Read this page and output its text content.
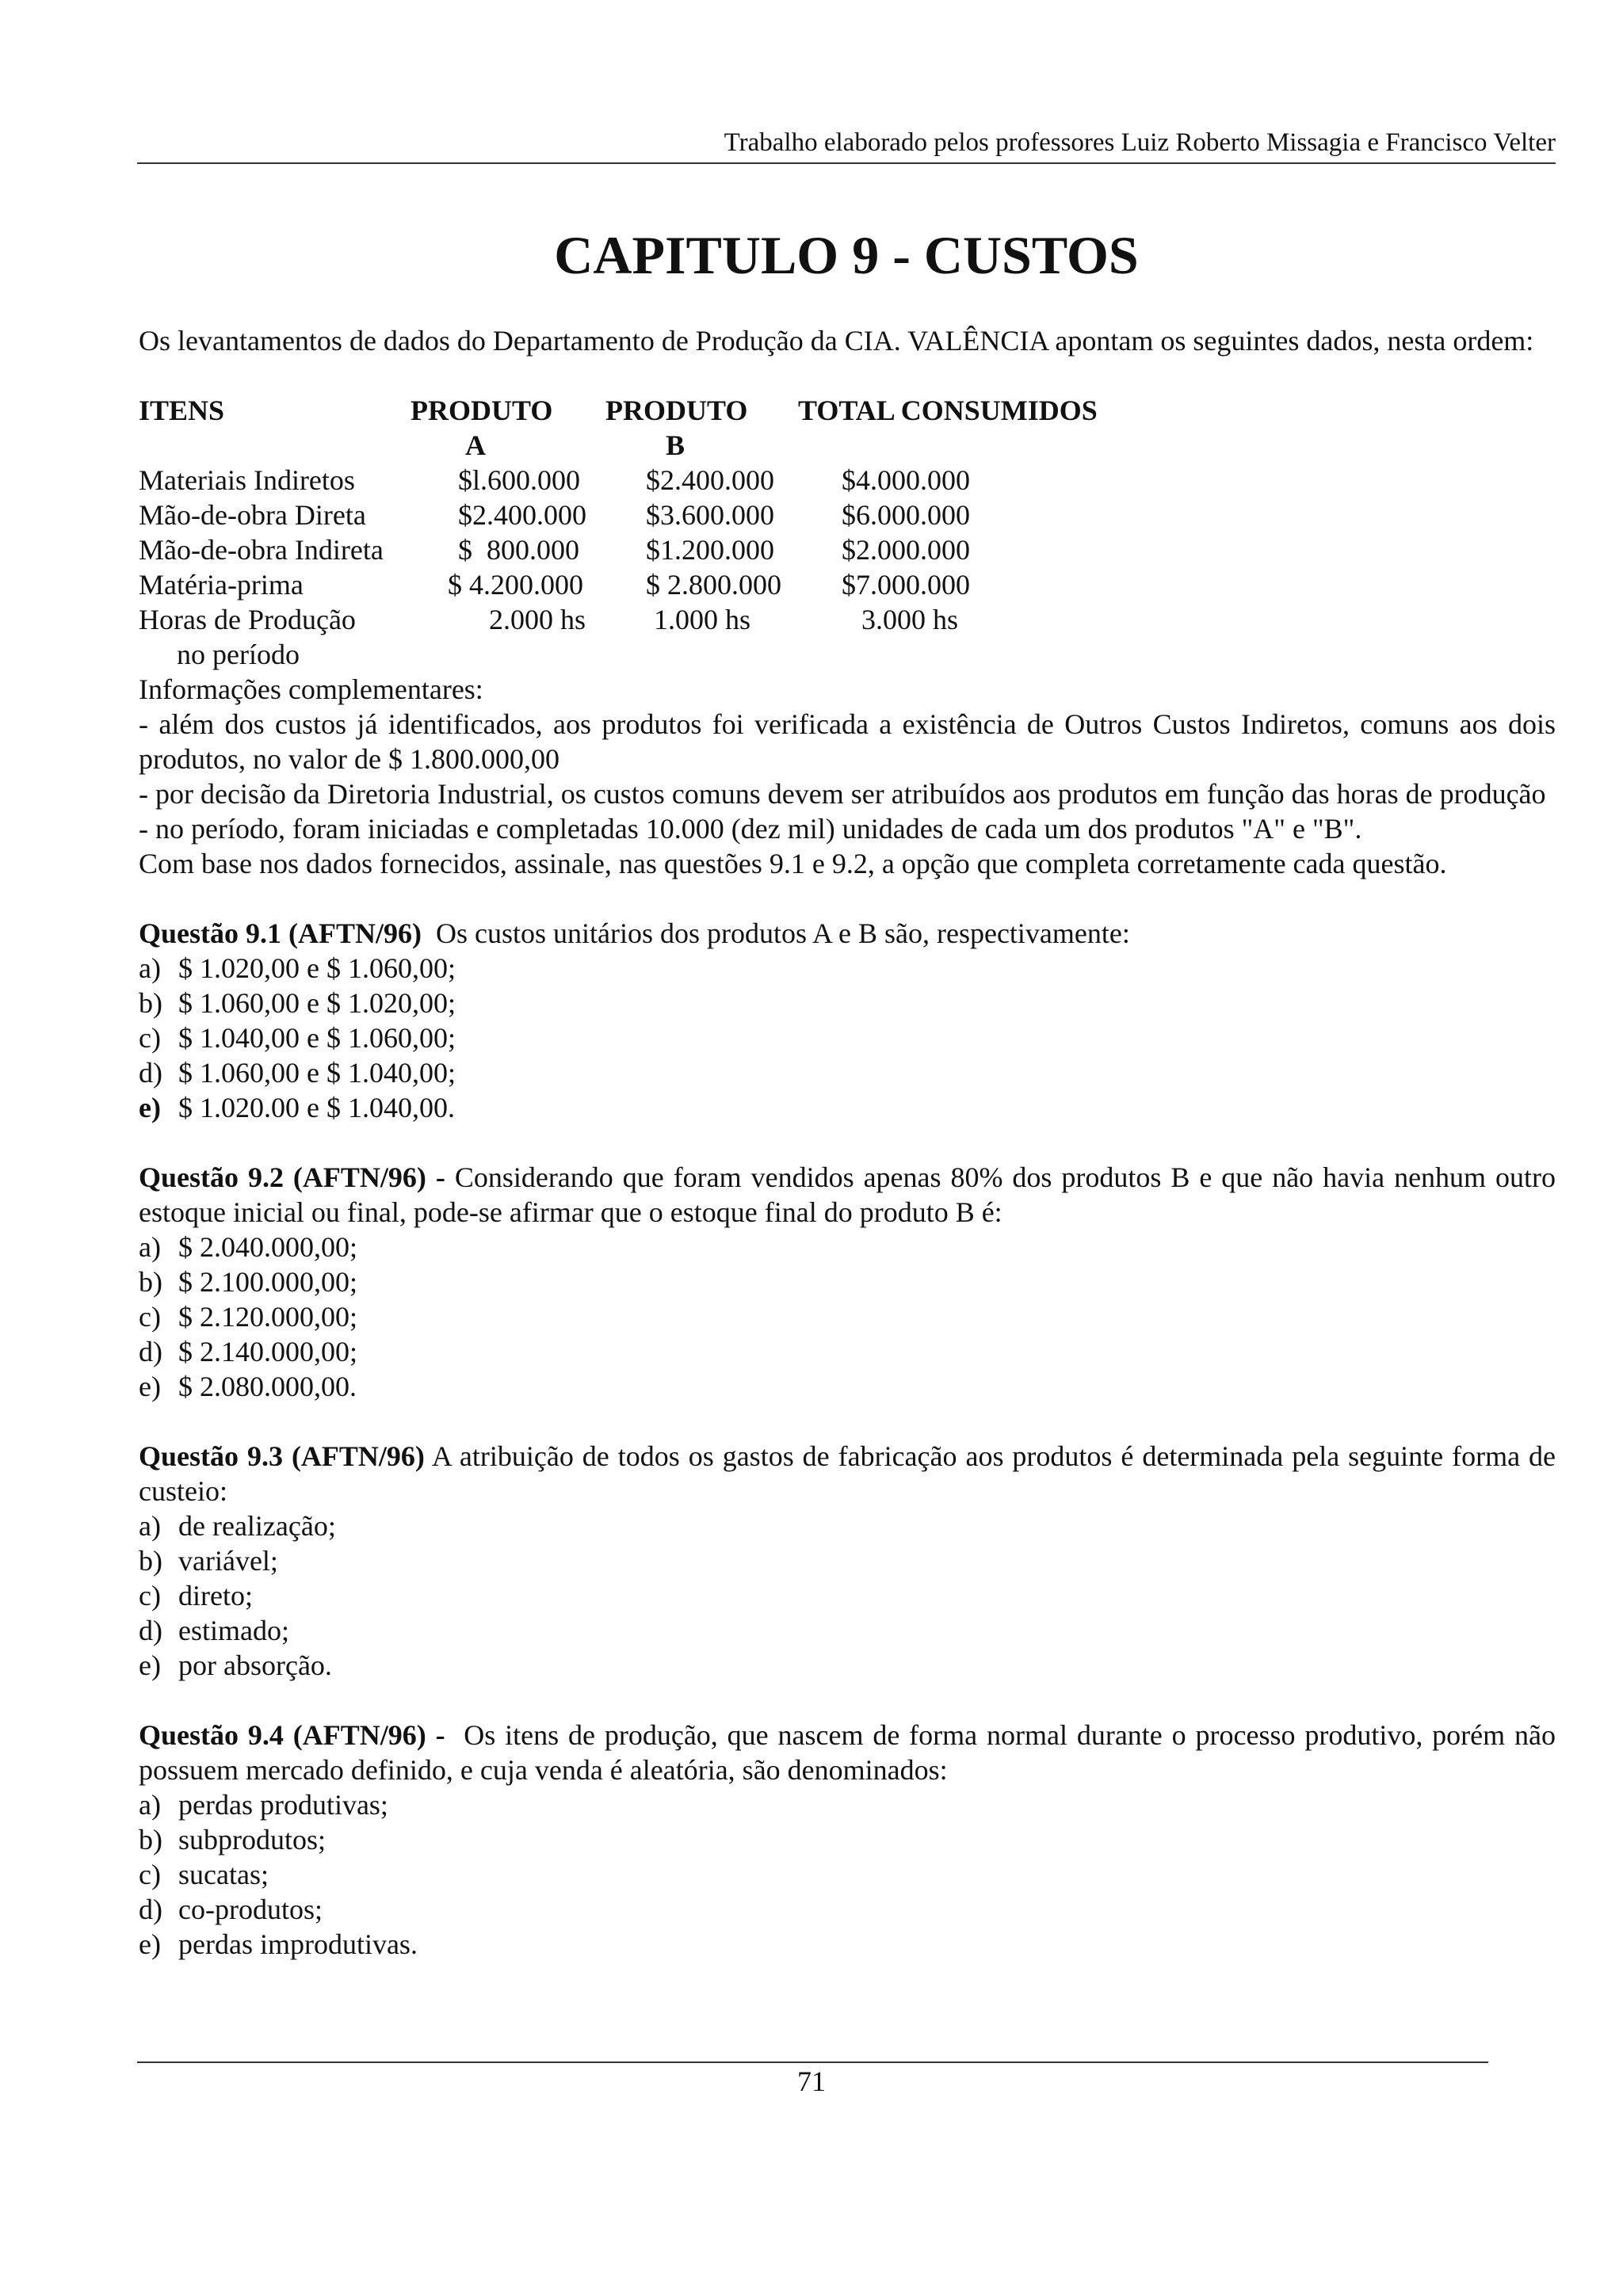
Trabalho elaborado pelos professores Luiz Roberto Missagia e Francisco Velter
CAPITULO 9 - CUSTOS

Os levantamentos de dados do Departamento de Produção da CIA. VALÊNCIA apontam os seguintes dados, nesta ordem:

ITENS	PRODUTO PRODUTO TOTAL CONSUMIDOS
A	B
Materiais Indiretos	$l.600.000 $2.400.000 $4.000.000
Mão-de-obra Direta	$2.400.000 $3.600.000 $6.000.000
Mão-de-obra Indireta	$  800.000 $1.200.000 $2.000.000
Matéria-prima	$ 4.200.000 $ 2.800.000 $7.000.000
Horas de Produção	2.000 hs 1.000 hs	3.000 hs
no período

Informações complementares:

- além dos custos já identificados, aos produtos foi verificada a existência de Outros Custos Indiretos, comuns aos dois produtos, no valor de $ 1.800.000,00

- por decisão da Diretoria Industrial, os custos comuns devem ser atribuídos aos produtos em função das horas de produção

- no período, foram iniciadas e completadas 10.000 (dez mil) unidades de cada um dos produtos "A" e "B".

Com base nos dados fornecidos, assinale, nas questões 9.1 e 9.2, a opção que completa corretamente cada questão.

Questão 9.1 (AFTN/96)  Os custos unitários dos produtos A e B são, respectivamente:

a) $ 1.020,00 e $ 1.060,00;

b) $ 1.060,00 e $ 1.020,00;

c) $ 1.040,00 e $ 1.060,00;

d) $ 1.060,00 e $ 1.040,00;

e) $ 1.020.00 e $ 1.040,00.

Questão 9.2 (AFTN/96) - Considerando que foram vendidos apenas 80% dos produtos B e que não havia nenhum outro estoque inicial ou final, pode-se afirmar que o estoque final do produto B é:

a) $ 2.040.000,00;

b) $ 2.100.000,00;

c) $ 2.120.000,00;

d) $ 2.140.000,00;

e) $ 2.080.000,00.

Questão 9.3 (AFTN/96) A atribuição de todos os gastos de fabricação aos produtos é determinada pela seguinte forma de custeio:

a) de realização;

b) variável;

c) direto;

d) estimado;

e) por absorção.

Questão 9.4 (AFTN/96) -  Os itens de produção, que nascem de forma normal durante o processo produtivo, porém não possuem mercado definido, e cuja venda é aleatória, são denominados:

a) perdas produtivas;

b) subprodutos;

c) sucatas;

d) co-produtos;

e) perdas improdutivas.

71
